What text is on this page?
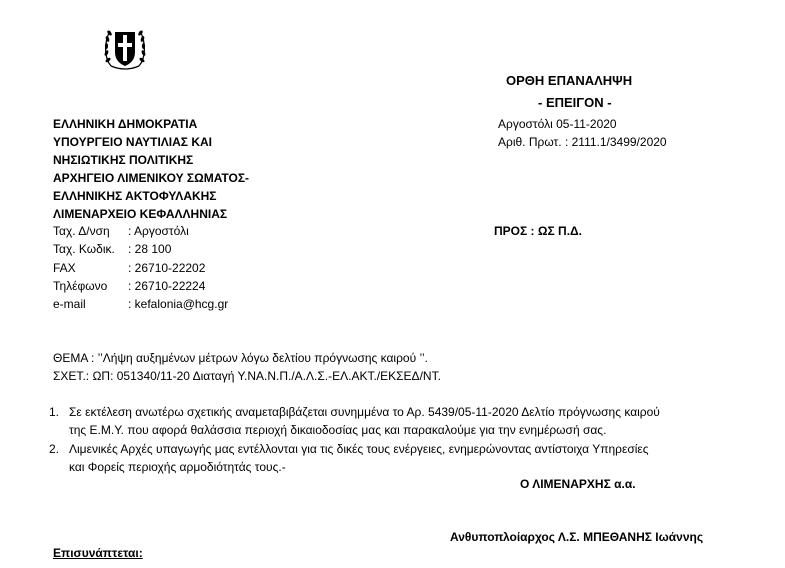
ΟΡΘΗ ΕΠΑΝΑΛΗΨΗ
- ΕΠΕΙΓΟΝ -
Αργοστόλι 05-11-2020
Αριθ. Πρωτ. : 2111.1/3499/2020
ΕΛΛΗΝΙΚΗ ΔΗΜΟΚΡΑΤΙΑ
ΥΠΟΥΡΓΕΙΟ ΝΑΥΤΙΛΙΑΣ ΚΑΙ
ΝΗΣΙΩΤΙΚΗΣ ΠΟΛΙΤΙΚΗΣ
ΑΡΧΗΓΕΙΟ ΛΙΜΕΝΙΚΟΥ ΣΩΜΑΤΟΣ-
ΕΛΛΗΝΙΚΗΣ ΑΚΤΟΦΥΛΑΚΗΣ
ΛΙΜΕΝΑΡΧΕΙΟ ΚΕΦΑΛΛΗΝΙΑΣ
Ταχ. Δ/νση : Αργοστόλι
Ταχ. Κωδικ. : 28 100
FAX	: 26710-22202
Τηλέφωνο : 26710-22224
e-mail	: kefalonia@hcg.gr
ΠΡΟΣ : ΩΣ Π.Δ.
ΘΕΜΑ : ’’Λήψη αυξημένων μέτρων λόγω δελτίου πρόγνωσης καιρού ’’.
ΣΧΕΤ.: ΩΠ: 051340/11-20 Διαταγή Υ.ΝΑ.Ν.Π./Α.Λ.Σ.-ΕΛ.ΑΚΤ./ΕΚΣΕΔ/ΝΤ.
1. Σε εκτέλεση ανωτέρω σχετικής αναμεταβιβάζεται συνημμένα το Αρ. 5439/05-11-2020 Δελτίο πρόγνωσης καιρού
της Ε.Μ.Υ. που αφορά θαλάσσια περιοχή δικαιοδοσίας μας και παρακαλούμε για την ενημέρωσή σας.
2. Λιμενικές Αρχές υπαγωγής μας εντέλλονται για τις δικές τους ενέργειες, ενημερώνοντας αντίστοιχα Υπηρεσίες
και Φορείς περιοχής αρμοδιότητάς τους.-
Ο ΛΙΜΕΝΑΡΧΗΣ α.α.
Ανθυποπλοίαρχος Λ.Σ. ΜΠΕΘΑΝΗΣ Ιωάννης
Επισυνάπτεται:
